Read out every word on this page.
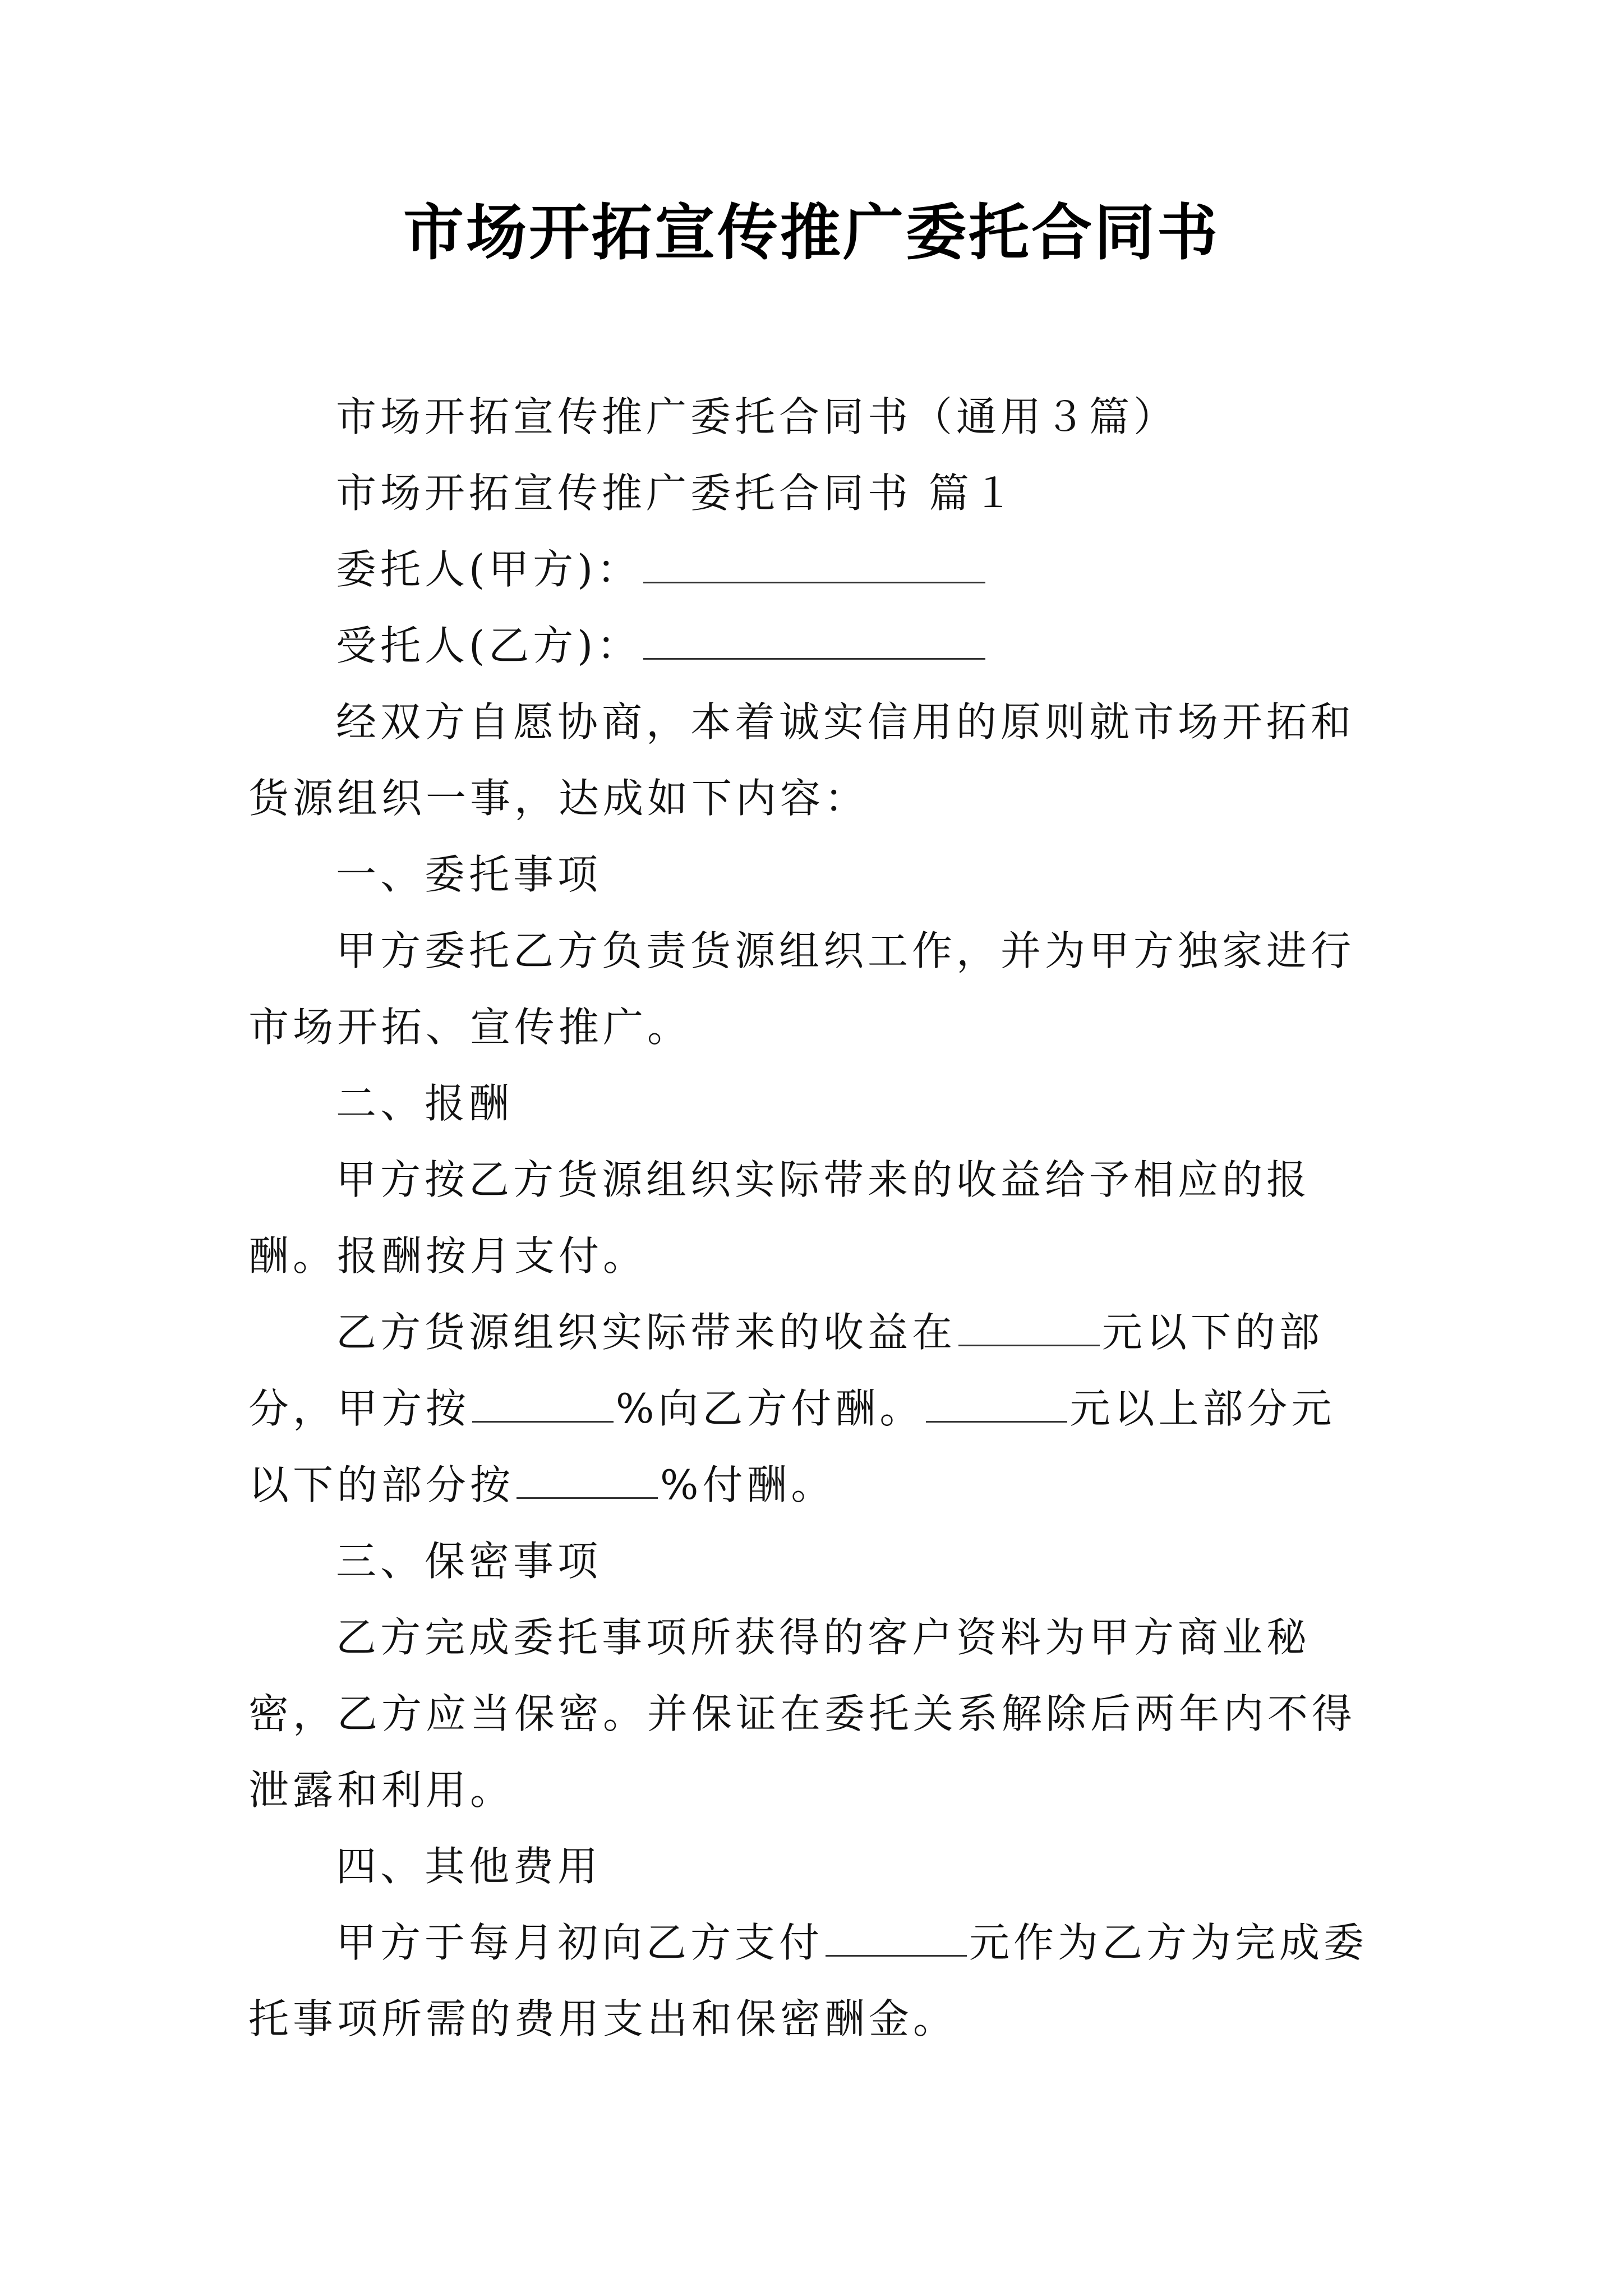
市场开拓宣传推广委托合同书

市场开拓宣传推广委托合同书（通用３篇）

市场开拓宣传推广委托合同书 篇１

委托人(甲方)：

受托人(乙方)：

经双方自愿协商，本着诚实信用的原则就市场开拓和货源组织一事，达成如下内容：

一、委托事项

甲方委托乙方负责货源组织工作，并为甲方独家进行市场开拓、宣传推广。

二、报酬

甲方按乙方货源组织实际带来的收益给予相应的报酬。报酬按月支付。

乙方货源组织实际带来的收益在	元以下的部分，甲方按	%向乙方付酬。	元以上部分元以下的部分按	%付酬。

三、保密事项

乙方完成委托事项所获得的客户资料为甲方商业秘密，乙方应当保密。并保证在委托关系解除后两年内不得泄露和利用。

四、其他费用

甲方于每月初向乙方支付	元作为乙方为完成委托事项所需的费用支出和保密酬金。
